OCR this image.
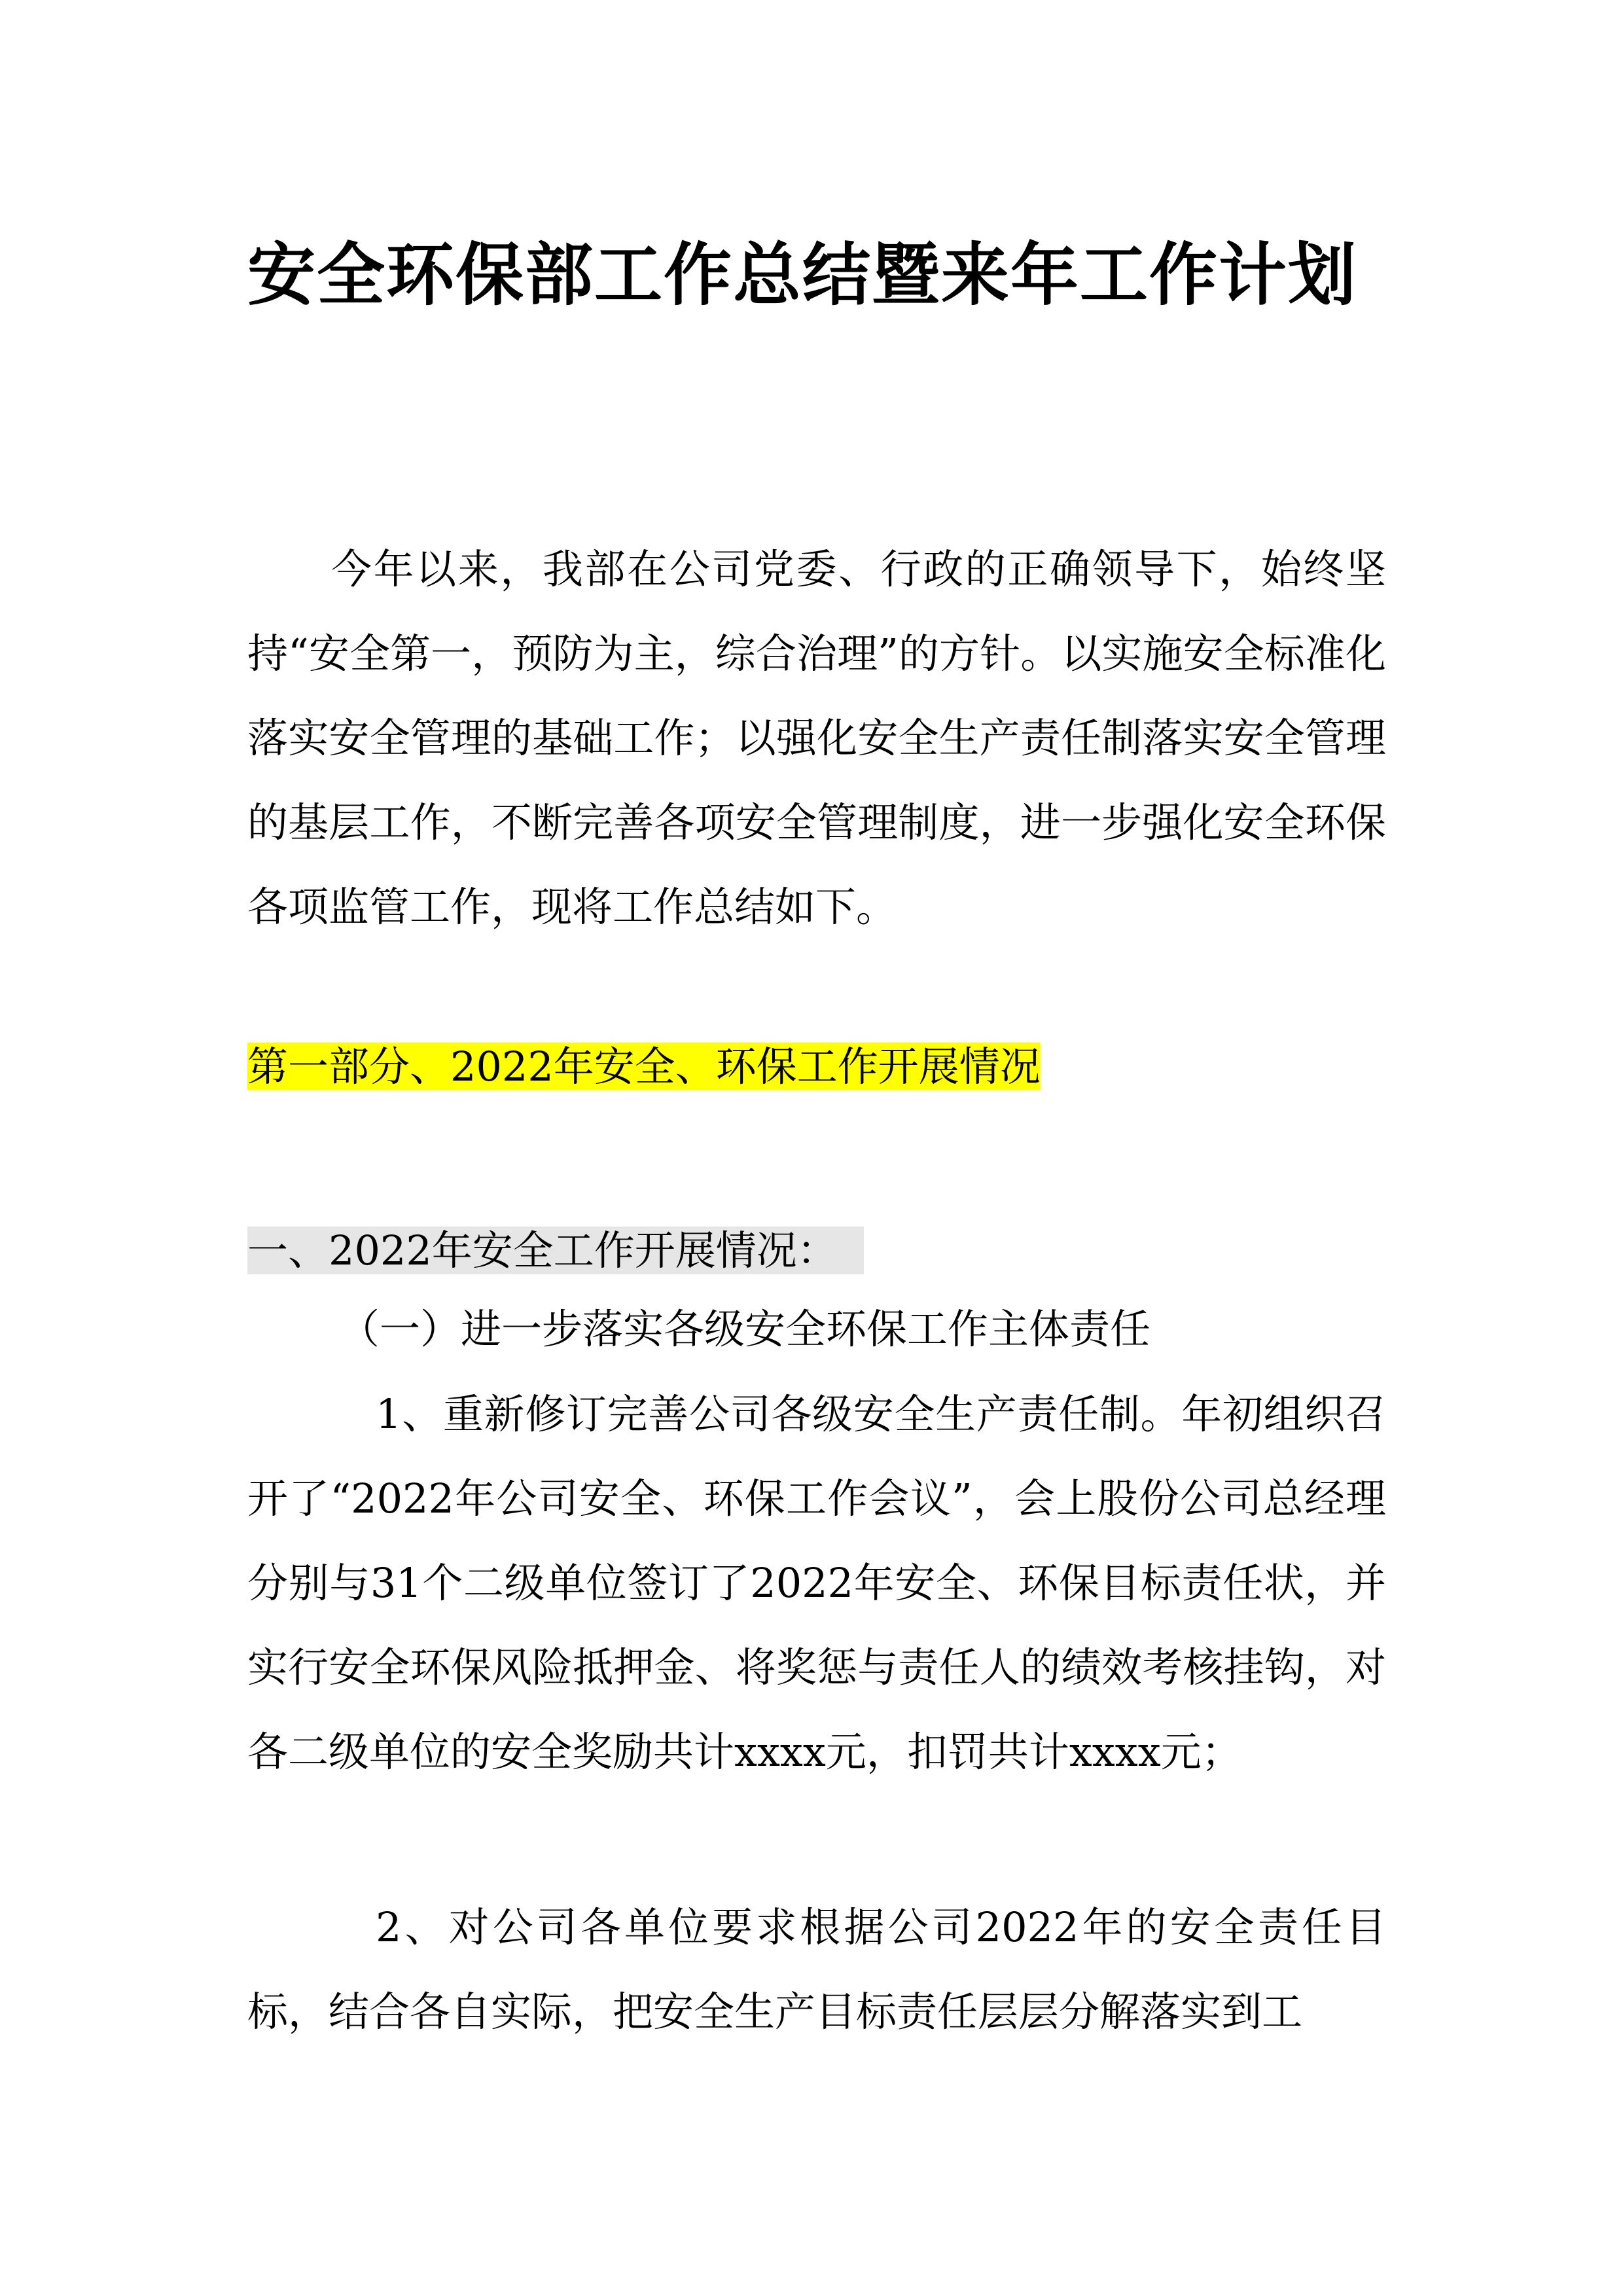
安全环保部工作总结暨来年工作计划

今年以来，我部在公司党委、行政的正确领导下，始终坚持“安全第一，预防为主，综合治理”的方针。以实施安全标准化落实安全管理的基础工作；以强化安全生产责任制落实安全管理的基层工作，不断完善各项安全管理制度，进一步强化安全环保各项监管工作，现将工作总结如下。

第一部分、2022年安全、环保工作开展情况

一、2022年安全工作开展情况：

（一）进一步落实各级安全环保工作主体责任

1、重新修订完善公司各级安全生产责任制。年初组织召开了“2022年公司安全、环保工作会议”，会上股份公司总经理分别与31个二级单位签订了2022年安全、环保目标责任状，并实行安全环保风险抵押金、将奖惩与责任人的绩效考核挂钩，对各二级单位的安全奖励共计xxxx元，扣罚共计xxxx元；

2、对公司各单位要求根据公司2022年的安全责任目标，结合各自实际，把安全生产目标责任层层分解落实到工
